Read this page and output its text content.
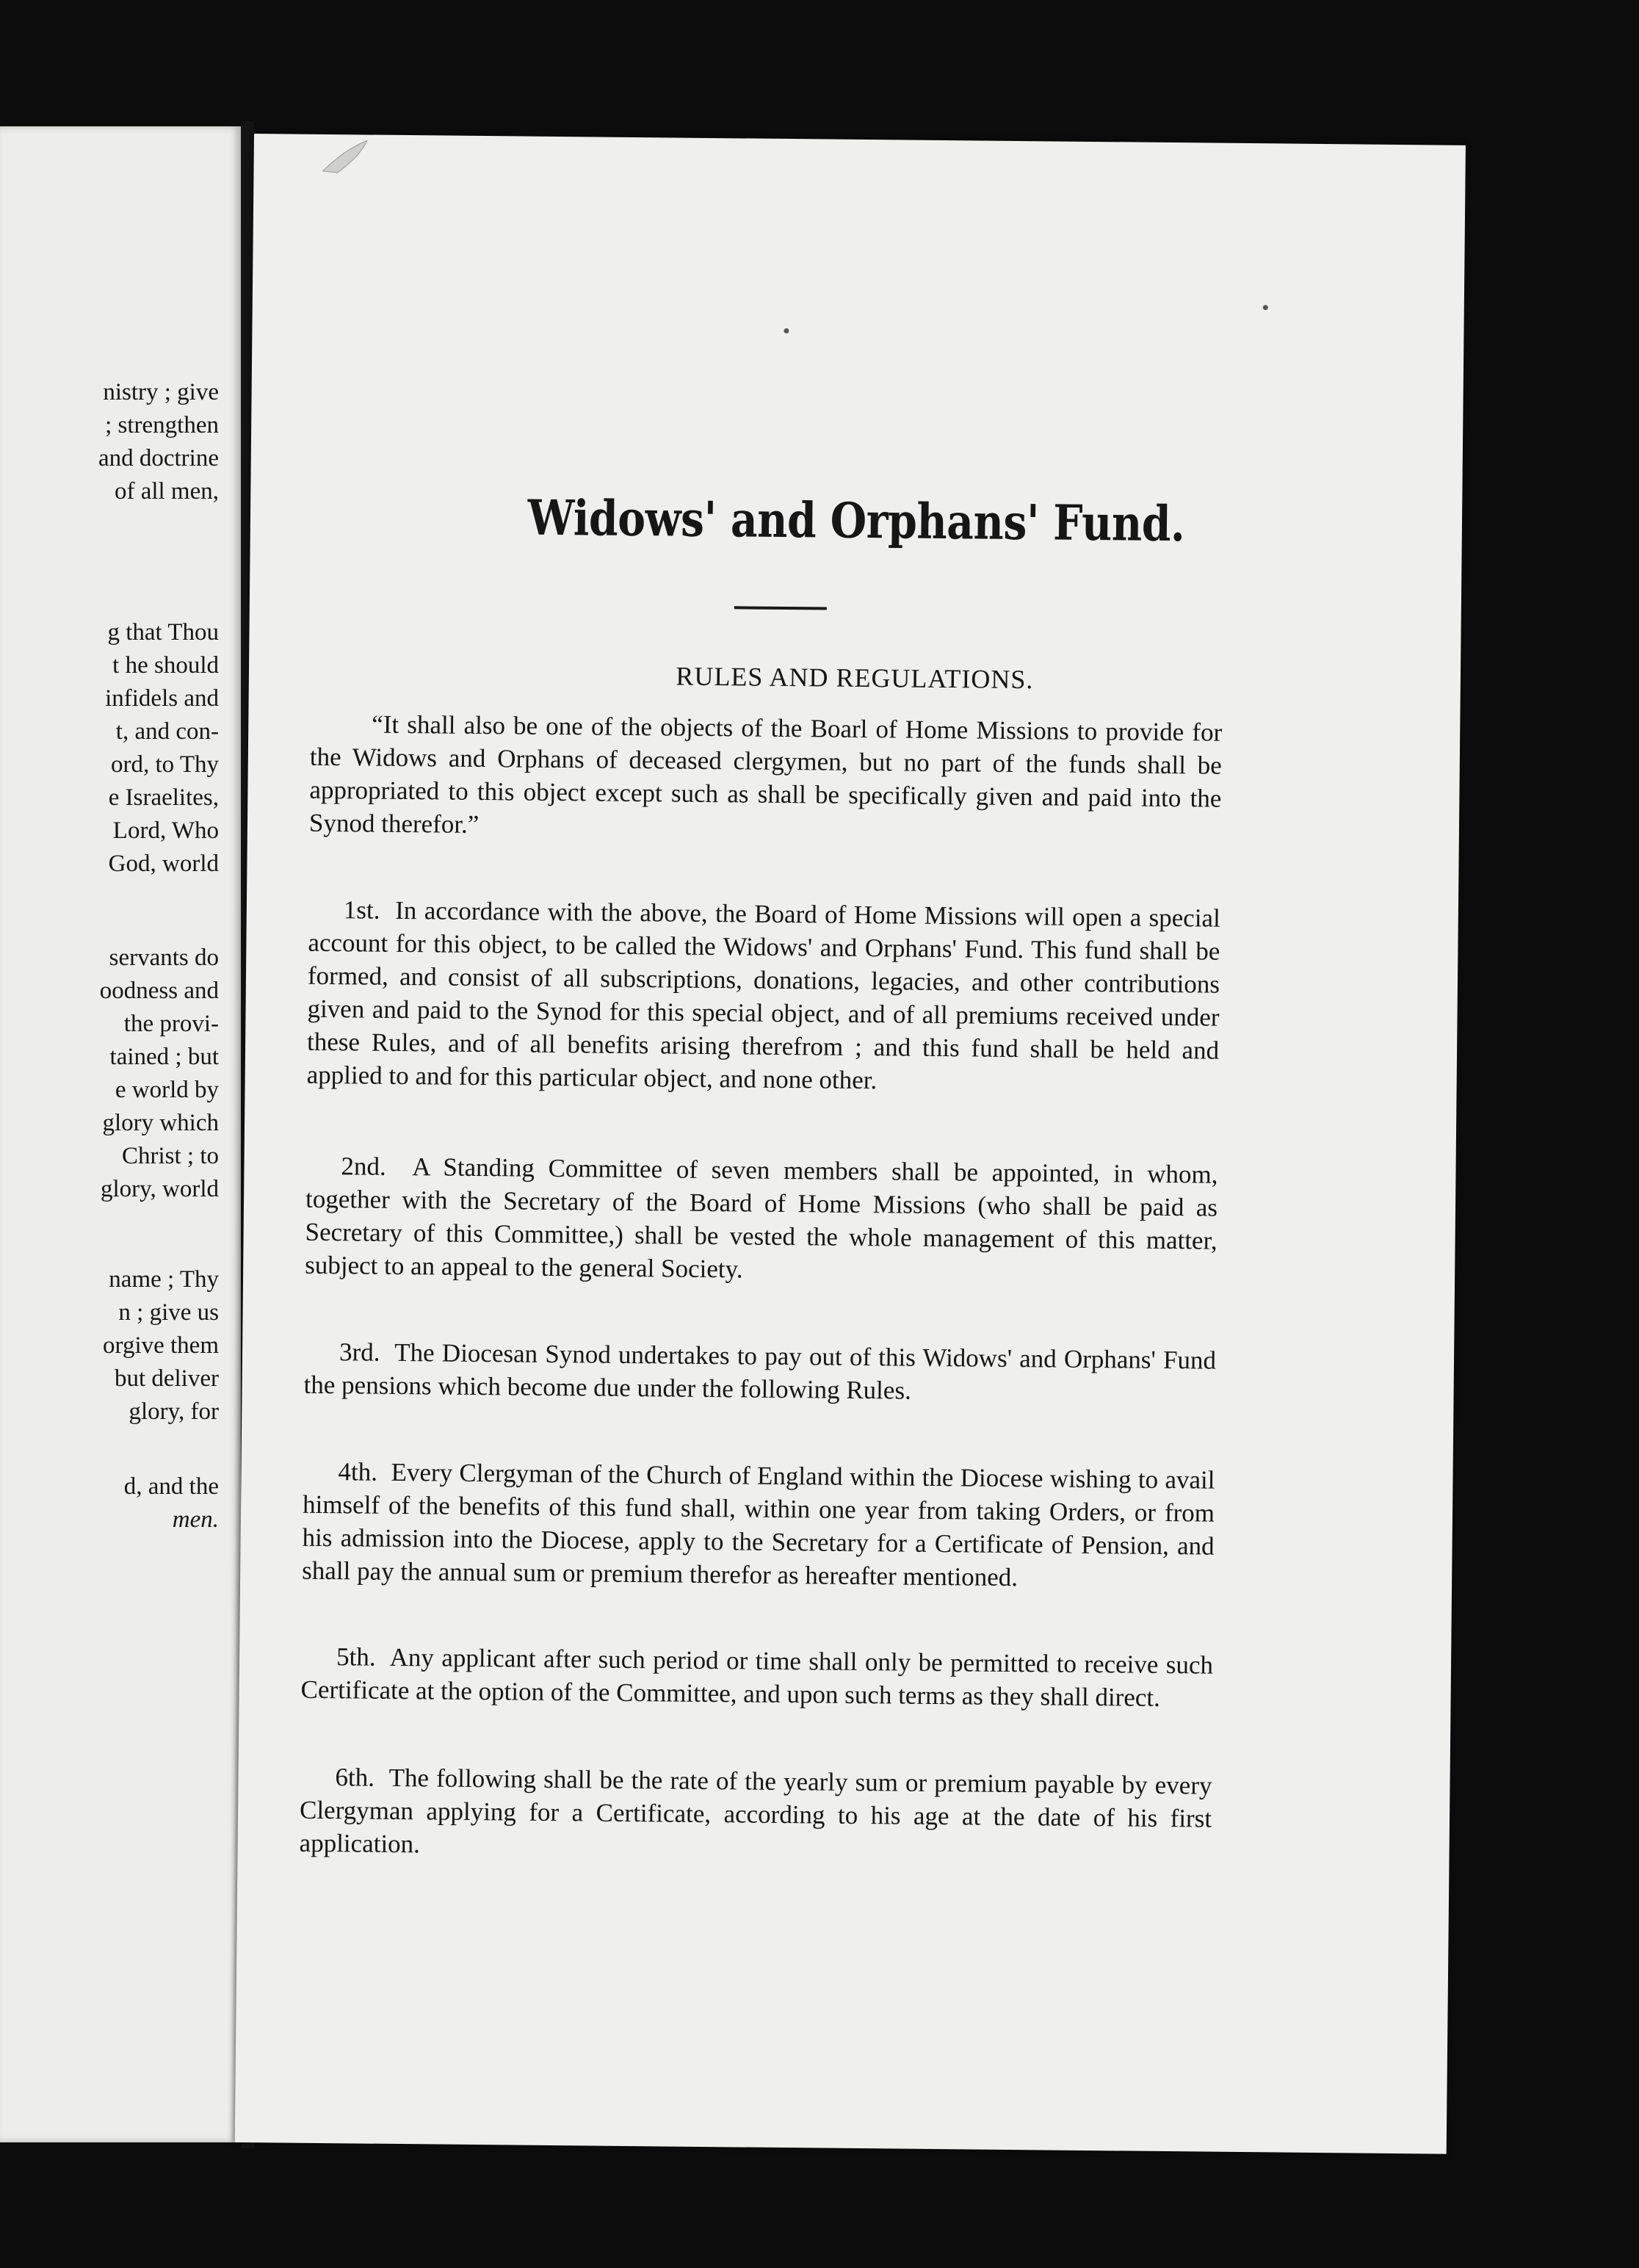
nistry ; give
; strengthen
and doctrine
of all men,
g that Thou
t he should
infidels and
t, and con-
ord, to Thy
e Israelites,
Lord, Who
God, world
servants do
oodness and
the provi-
tained ; but
e world by
glory which
Christ ; to
glory, world
name ; Thy
n ; give us
orgive them
but deliver
glory, for
d, and the
men.
Widows' and Orphans' Fund.
RULES AND REGULATIONS.

“It shall also be one of the objects of the Boarl of Home Missions to provide for the Widows and Orphans of deceased clergymen, but no part of the funds shall be appropriated to this object except such as shall be specifically given and paid into the Synod therefor.”

1st. In accordance with the above, the Board of Home Missions will open a special account for this object, to be called the Widows' and Orphans' Fund. This fund shall be formed, and consist of all subscriptions, donations, legacies, and other contributions given and paid to the Synod for this special object, and of all premiums received under these Rules, and of all benefits arising therefrom ; and this fund shall be held and applied to and for this particular object, and none other.

2nd. A Standing Committee of seven members shall be appointed, in whom, together with the Secretary of the Board of Home Missions (who shall be paid as Secretary of this Committee,) shall be vested the whole management of this matter, subject to an appeal to the general Society.

3rd. The Diocesan Synod undertakes to pay out of this Widows' and Orphans' Fund the pensions which become due under the following Rules.

4th. Every Clergyman of the Church of England within the Diocese wishing to avail himself of the benefits of this fund shall, within one year from taking Orders, or from his admission into the Diocese, apply to the Secretary for a Certificate of Pension, and shall pay the annual sum or premium therefor as hereafter mentioned.

5th. Any applicant after such period or time shall only be permitted to receive such Certificate at the option of the Committee, and upon such terms as they shall direct.

6th. The following shall be the rate of the yearly sum or premium payable by every Clergyman applying for a Certificate, according to his age at the date of his first application.
